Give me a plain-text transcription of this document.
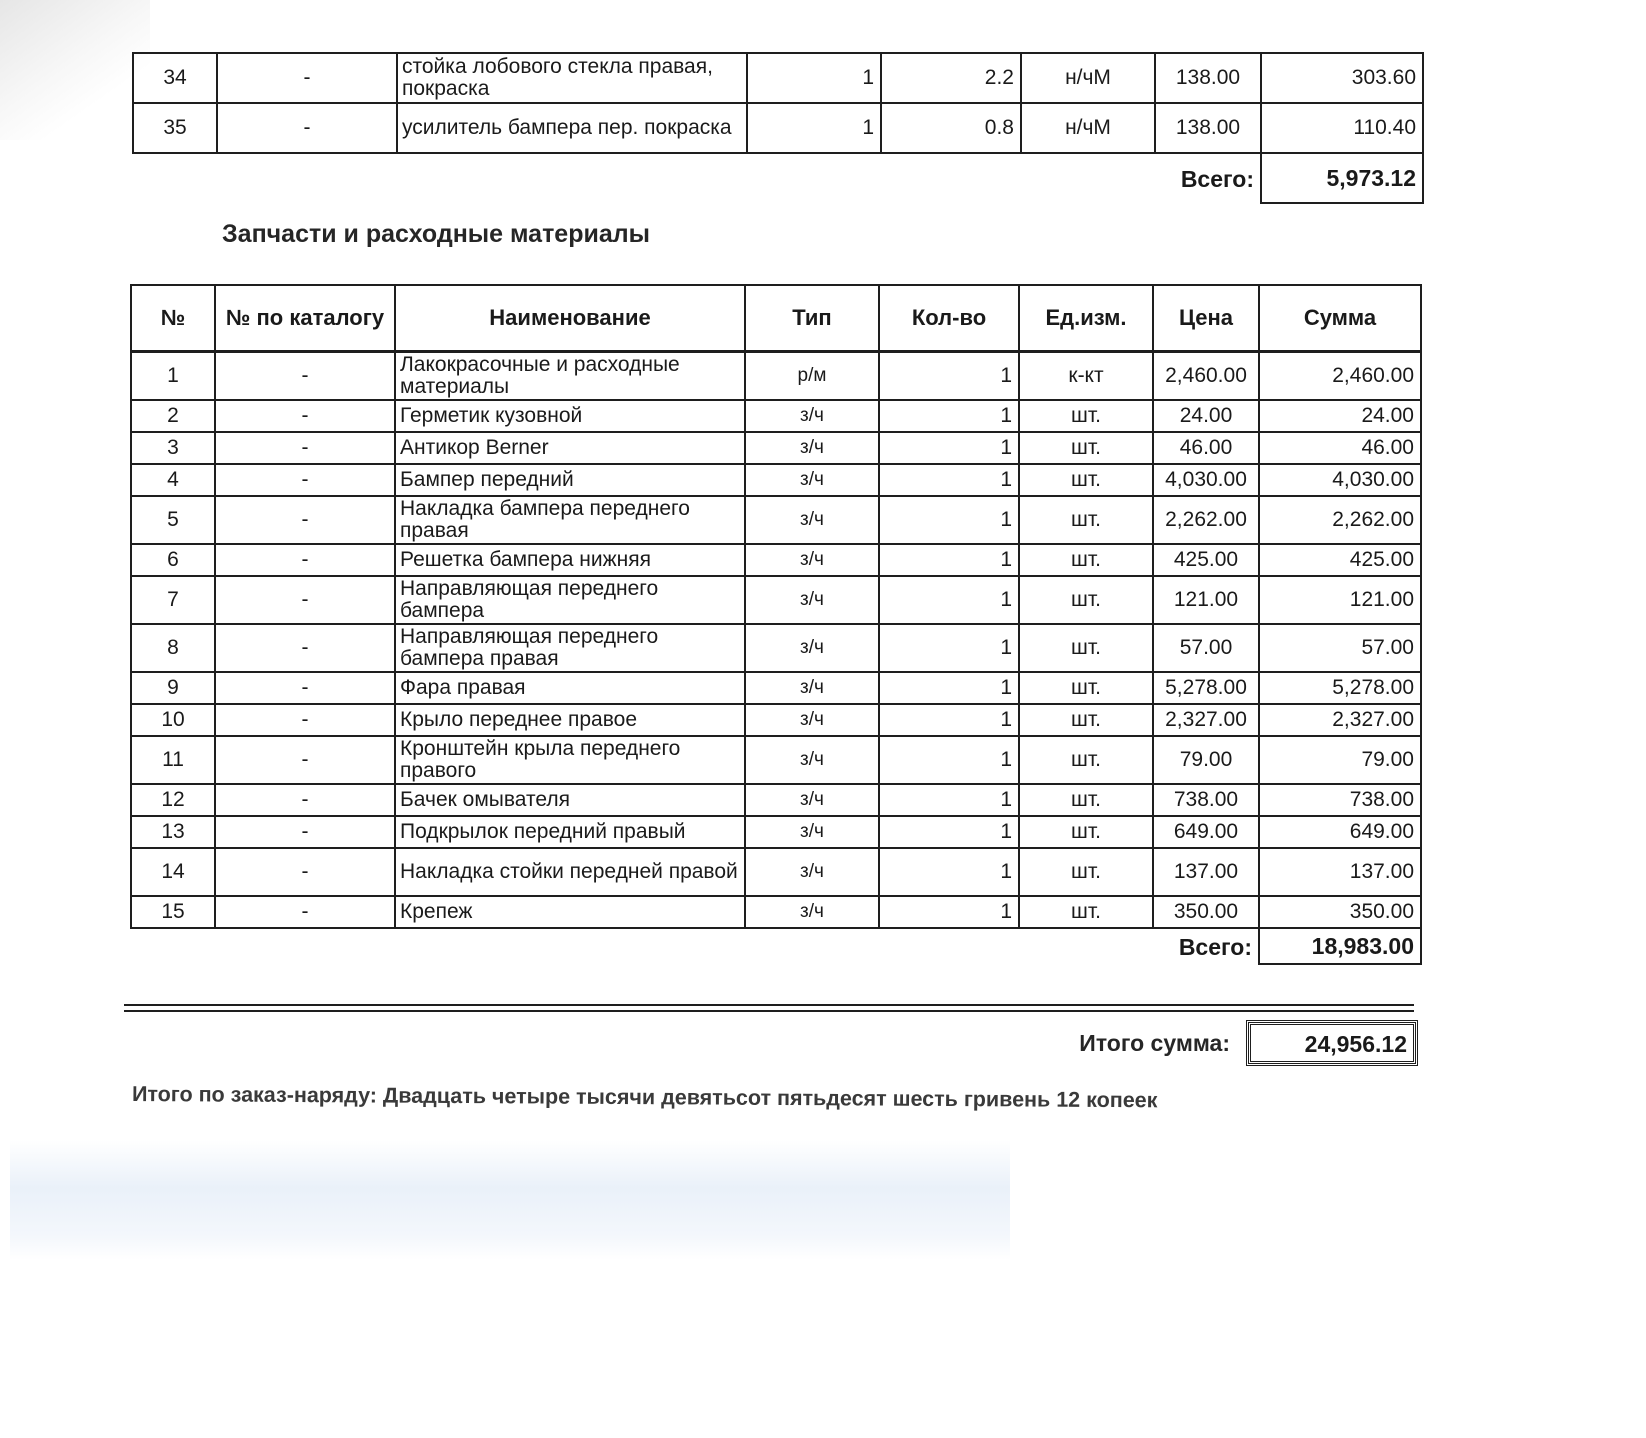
34	-	стойка лобового стекла правая, покраска	1	2.2	н/чМ	138.00	303.60
35	-	усилитель бампера пер. покраска	1	0.8	н/чМ	138.00	110.40
Всего:							5,973.12
Запчасти и расходные материалы
№	№ по каталогу	Наименование	Тип	Кол-во	Ед.изм.	Цена	Сумма
1	-	Лакокрасочные и расходные материалы	р/м	1	к-кт	2,460.00	2,460.00
2	-	Герметик кузовной	з/ч	1	шт.	24.00	24.00
3	-	Антикор Berner	з/ч	1	шт.	46.00	46.00
4	-	Бампер передний	з/ч	1	шт.	4,030.00	4,030.00
5	-	Накладка бампера переднего правая	з/ч	1	шт.	2,262.00	2,262.00
6	-	Решетка бампера нижняя	з/ч	1	шт.	425.00	425.00
7	-	Направляющая переднего бампера	з/ч	1	шт.	121.00	121.00
8	-	Направляющая переднего бампера правая	з/ч	1	шт.	57.00	57.00
9	-	Фара правая	з/ч	1	шт.	5,278.00	5,278.00
10	-	Крыло переднее правое	з/ч	1	шт.	2,327.00	2,327.00
11	-	Кронштейн крыла переднего правого	з/ч	1	шт.	79.00	79.00
12	-	Бачек омывателя	з/ч	1	шт.	738.00	738.00
13	-	Подкрылок передний правый	з/ч	1	шт.	649.00	649.00
14	-	Накладка стойки передней правой	з/ч	1	шт.	137.00	137.00
15	-	Крепеж	з/ч	1	шт.	350.00	350.00
Всего:							18,983.00
Итого сумма:	24,956.12
Итого по заказ-наряду: Двадцать четыре тысячи девятьсот пятьдесят шесть гривень 12 копеек
